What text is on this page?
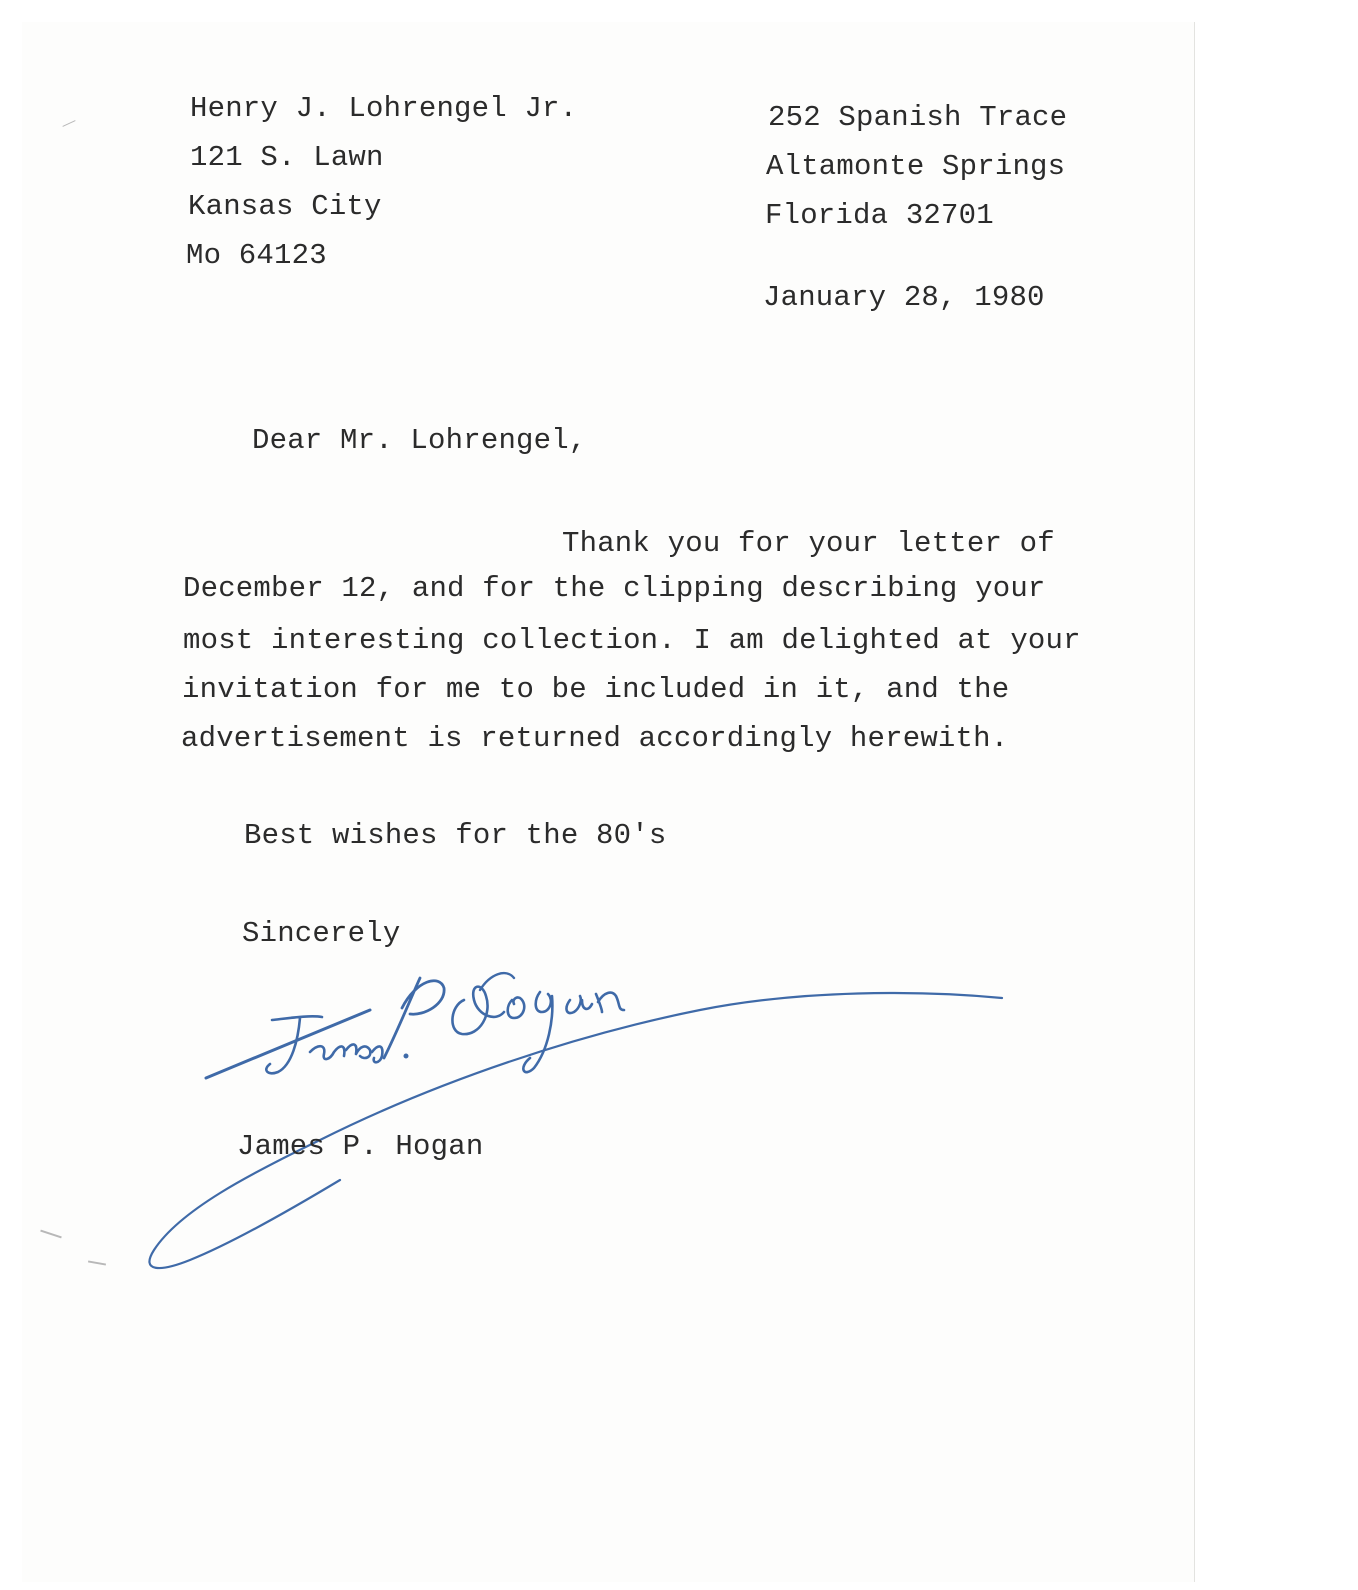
Henry J. Lohrengel Jr.
121 S. Lawn
Kansas City
Mo 64123
252 Spanish Trace
Altamonte Springs
Florida 32701
January 28, 1980
Dear Mr. Lohrengel,
Thank you for your letter of
December 12, and for the clipping describing your
most interesting collection. I am delighted at your
invitation for me to be included in it, and the
advertisement is returned accordingly herewith.
Best wishes for the 80's
Sincerely
James P. Hogan
